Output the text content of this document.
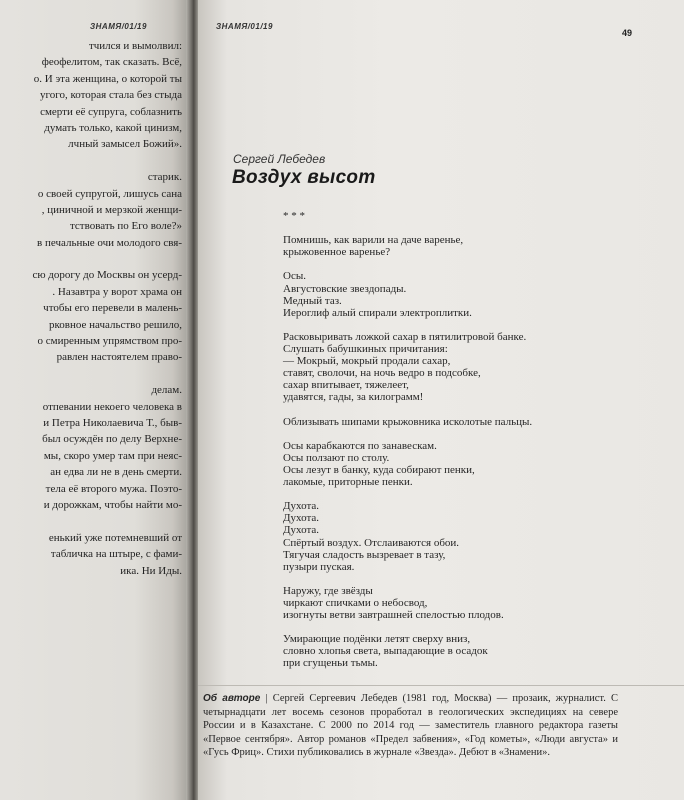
ЗНАМЯ/01/19
тчился и вымолвил:
феофелитом, так сказать. Всё,
о. И эта женщина, о которой ты
угого, которая стала без стыда
смерти её супруга, соблазнить
думать только, какой цинизм,
лчный замысел Божий».
старик.
о своей супругой, лишусь сана
, циничной и мерзкой женщи-
тствовать по Его воле?»
в печальные очи молодого свя-
сю дорогу до Москвы он усерд-
. Назавтра у ворот храма он
чтобы его перевели в малень-
рковное начальство решило,
о смиренным упрямством про-
равлен настоятелем право-
делам.
отпевании некоего человека в
и Петра Николаевича Т., быв-
был осуждён по делу Верхне-
мы, скоро умер там при неяс-
ан едва ли не в день смерти.
тела её второго мужа. Поэто-
и дорожкам, чтобы найти мо-
енький уже потемневший от
табличка на штыре, с фами-
ика. Ни Иды.
ЗНАМЯ/01/19
49
Сергей Лебедев
Воздух высот
* * *
Помнишь, как варили на даче варенье,
крыжовенное варенье?
Осы.
Августовские звездопады.
Медный таз.
Иероглиф алый спирали электроплитки.
Расковыривать ложкой сахар в пятилитровой банке.
Слушать бабушкиных причитания:
— Мокрый, мокрый продали сахар,
ставят, сволочи, на ночь ведро в подсобке,
сахар впитывает, тяжелеет,
удавятся, гады, за килограмм!
Облизывать шипами крыжовника исколотые пальцы.
Осы карабкаются по занавескам.
Осы ползают по столу.
Осы лезут в банку, куда собирают пенки,
лакомые, приторные пенки.
Духота.
Духота.
Духота.
Спёртый воздух. Отслаиваются обои.
Тягучая сладость вызревает в тазу,
пузыри пуская.
Наружу, где звёзды
чиркают спичками о небосвод,
изогнуты ветви завтрашней спелостью плодов.
Умирающие подёнки летят сверху вниз,
словно хлопья света, выпадающие в осадок
при сгущеньи тьмы.
Об авторе | Сергей Сергеевич Лебедев (1981 год, Москва) — прозаик, журналист. С четырнадцати лет восемь сезонов проработал в геологических экспедициях на севере России и в Казахстане. С 2000 по 2014 год — заместитель главного редактора газеты «Первое сентября». Автор романов «Предел забвения», «Год кометы», «Люди августа» и «Гусь Фриц». Стихи публиковались в журнале «Звезда». Дебют в «Знамени».
